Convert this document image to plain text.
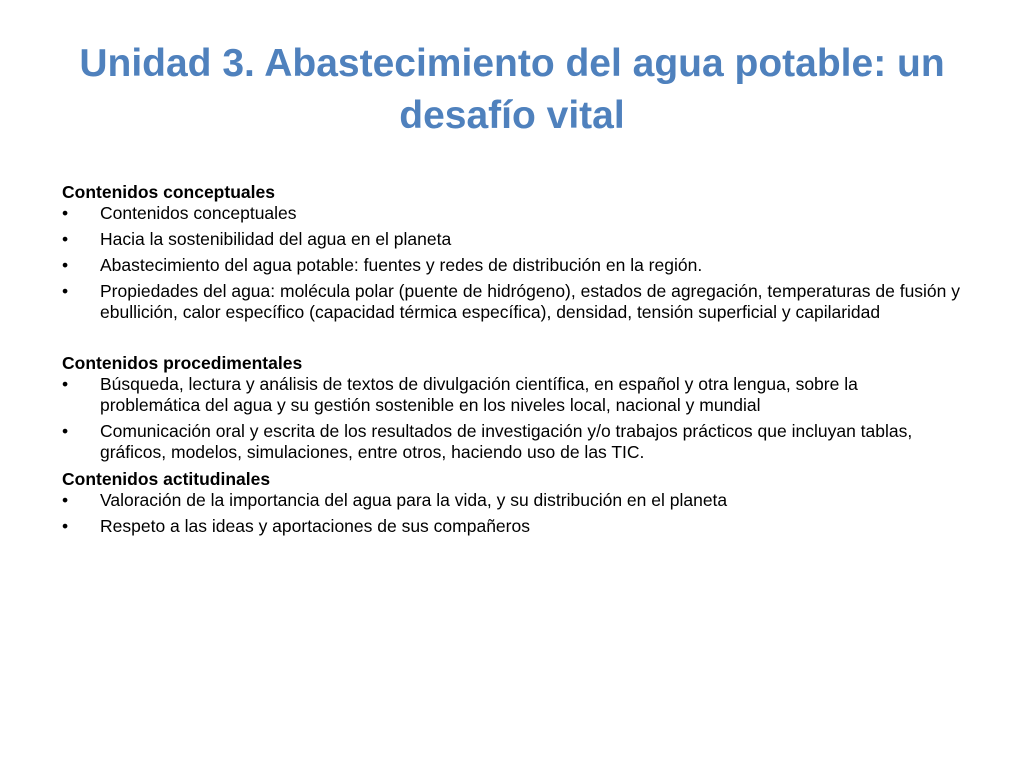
Unidad 3. Abastecimiento del agua potable: un desafío vital
Contenidos conceptuales
•	Contenidos conceptuales
•	Hacia la sostenibilidad del agua en el planeta
•	Abastecimiento del agua potable: fuentes y redes de distribución en la región.
•	Propiedades del agua: molécula polar (puente de hidrógeno), estados de agregación, temperaturas de fusión y ebullición, calor específico (capacidad térmica específica), densidad, tensión superficial y capilaridad
Contenidos procedimentales
•	Búsqueda, lectura y análisis de textos de divulgación científica, en español y otra lengua, sobre la problemática del agua y su gestión sostenible en los niveles local, nacional y mundial
•	Comunicación oral y escrita de los resultados de investigación y/o trabajos prácticos que incluyan tablas, gráficos, modelos, simulaciones, entre otros, haciendo uso de las TIC.
Contenidos actitudinales
•	Valoración de la importancia del agua para la vida, y su distribución en el planeta
•	Respeto a las ideas y aportaciones de sus compañeros
